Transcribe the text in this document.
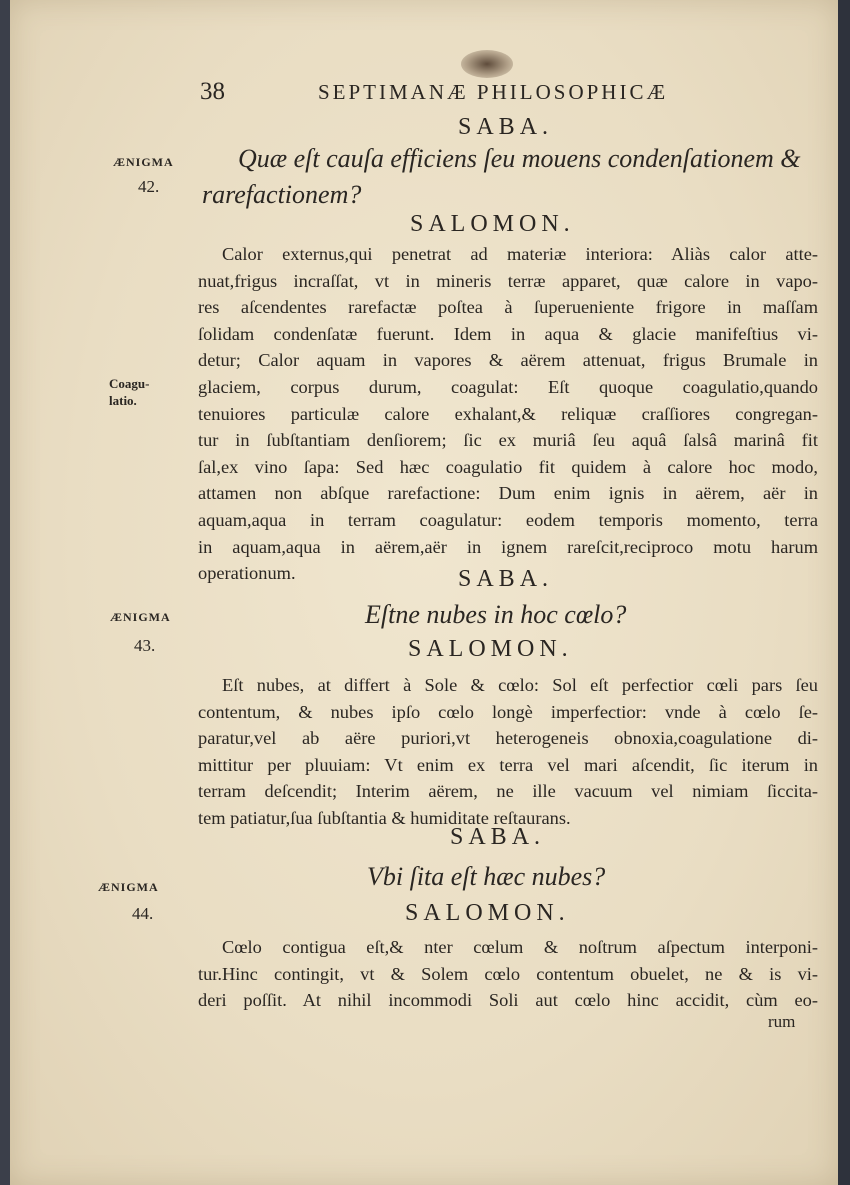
38	SEPTIMANÆ PHILOSOPHICÆ
SABA.
ÆNIGMA
42.
Quæ eſt cauſa efficiens ſeu mouens condenſationem &
rarefactionem?
SALOMON.
Coagu-
latio.
Calor externus,qui penetrat ad materiæ interiora: Aliàs calor atte-
nuat,frigus incraſſat, vt in mineris terræ apparet, quæ calore in vapo-
res aſcendentes rarefactæ poſtea à ſuperueniente frigore in maſſam
ſolidam condenſatæ fuerunt. Idem in aqua & glacie manifeſtius vi-
detur; Calor aquam in vapores & aërem attenuat, frigus Brumale in
glaciem, corpus durum, coagulat: Eſt quoque coagulatio,quando
tenuiores particulæ calore exhalant,& reliquæ craſſiores congregan-
tur in ſubſtantiam denſiorem; ſic ex muriâ ſeu aquâ ſalsâ marinâ fit
ſal,ex vino ſapa: Sed hæc coagulatio fit quidem à calore hoc modo,
attamen non abſque rarefactione: Dum enim ignis in aërem, aër in
aquam,aqua in terram coagulatur: eodem temporis momento, terra
in aquam,aqua in aërem,aër in ignem rareſcit,reciproco motu harum
operationum.	SABA.
ÆNIGMA
43.
Eſtne nubes in hoc cœlo?
SALOMON.
Eſt nubes, at differt à Sole & cœlo: Sol eſt perfectior cœli pars ſeu
contentum, & nubes ipſo cœlo longè imperfectior: vnde à cœlo ſe-
paratur,vel ab aëre puriori,vt heterogeneis obnoxia,coagulatione di-
mittitur per pluuiam: Vt enim ex terra vel mari aſcendit, ſic iterum in
terram deſcendit; Interim aërem, ne ille vacuum vel nimiam ſiccita-
tem patiatur,ſua ſubſtantia & humiditate reſtaurans.
SABA.
ÆNIGMA
44.
Vbi ſita eſt hæc nubes?
SALOMON.
Cœlo contigua eſt,& nter cœlum & noſtrum aſpectum interponi-
tur.Hinc contingit, vt & Solem cœlo contentum obuelet, ne & is vi-
deri poſſit. At nihil incommodi Soli aut cœlo hinc accidit, cùm eo-
rum
